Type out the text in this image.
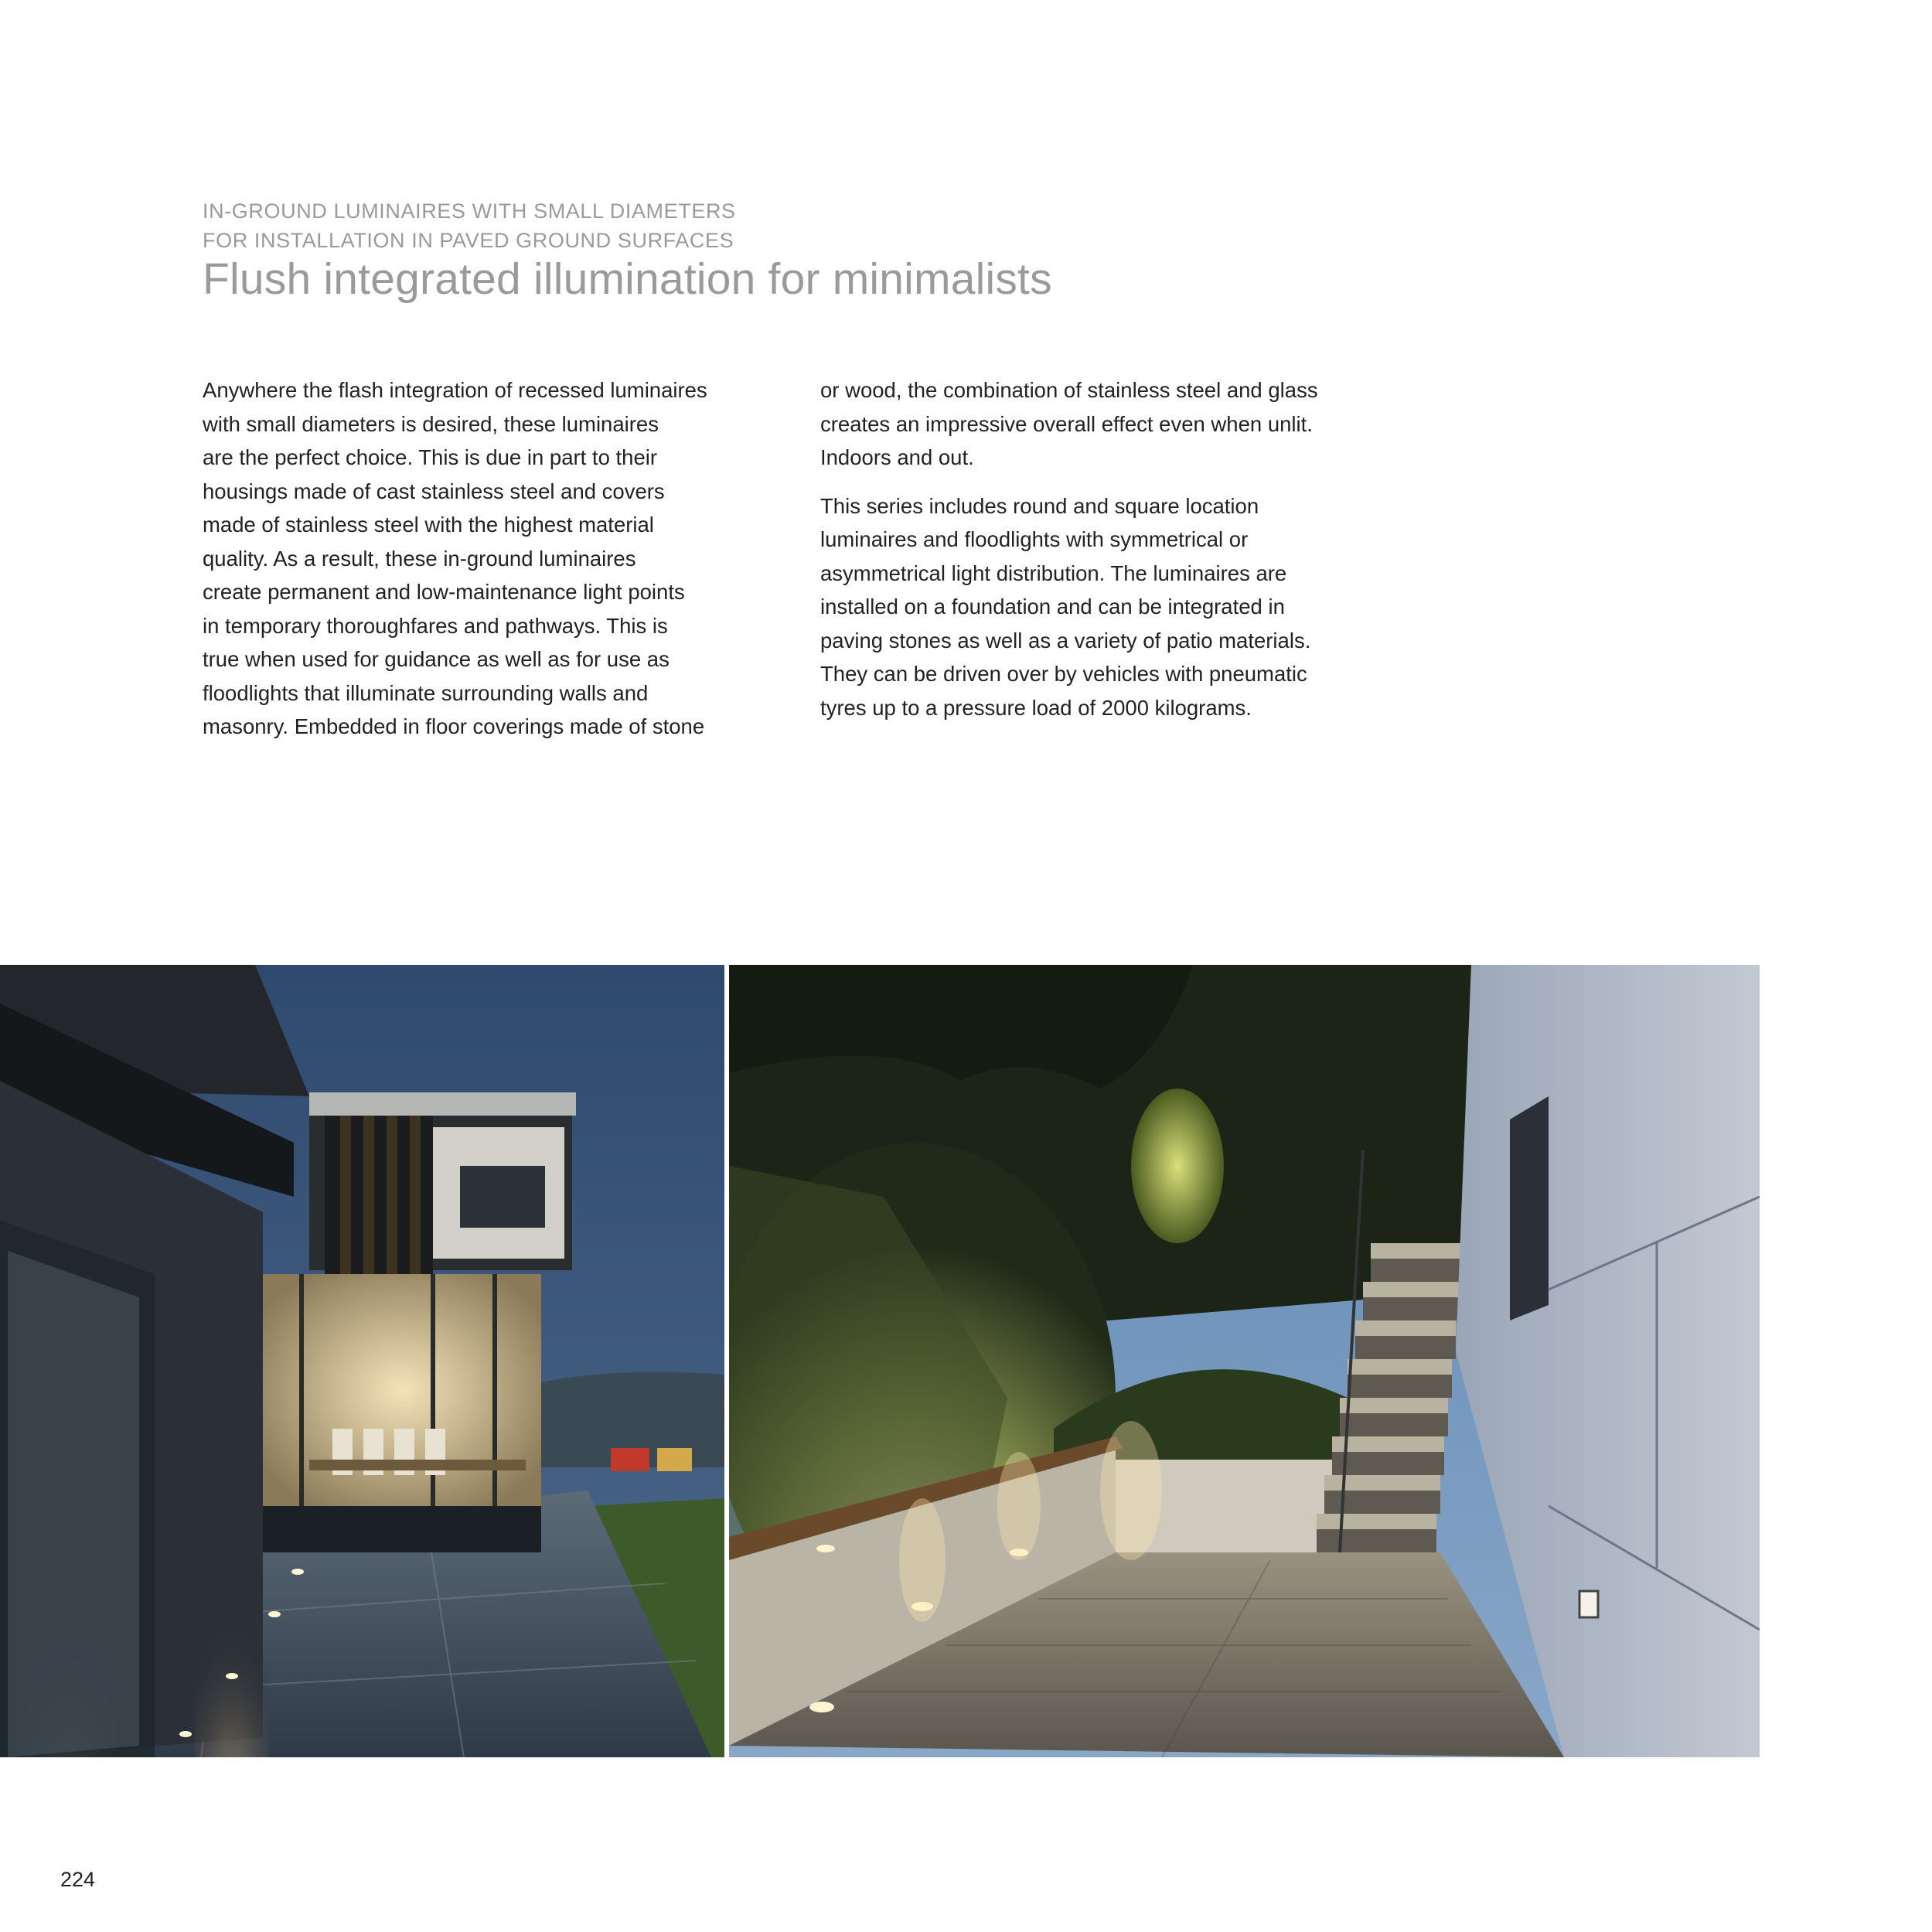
IN-GROUND LUMINAIRES WITH SMALL DIAMETERS
FOR INSTALLATION IN PAVED GROUND SURFACES
Flush integrated illumination for minimalists
Anywhere the flash integration of recessed luminaires
with small diameters is desired, these luminaires
are the perfect choice. This is due in part to their
housings made of cast stainless steel and covers
made of stainless steel with the highest material
quality. As a result, these in-ground luminaires
create permanent and low-maintenance light points
in temporary thoroughfares and pathways. This is
true when used for guidance as well as for use as
floodlights that illuminate surrounding walls and
masonry. Embedded in floor coverings made of stone
or wood, the combination of stainless steel and glass
creates an impressive overall effect even when unlit.
Indoors and out.
This series includes round and square location
luminaires and floodlights with symmetrical or
asymmetrical light distribution. The luminaires are
installed on a foundation and can be integrated in
paving stones as well as a variety of patio materials.
They can be driven over by vehicles with pneumatic
tyres up to a pressure load of 2000 kilograms.
224
